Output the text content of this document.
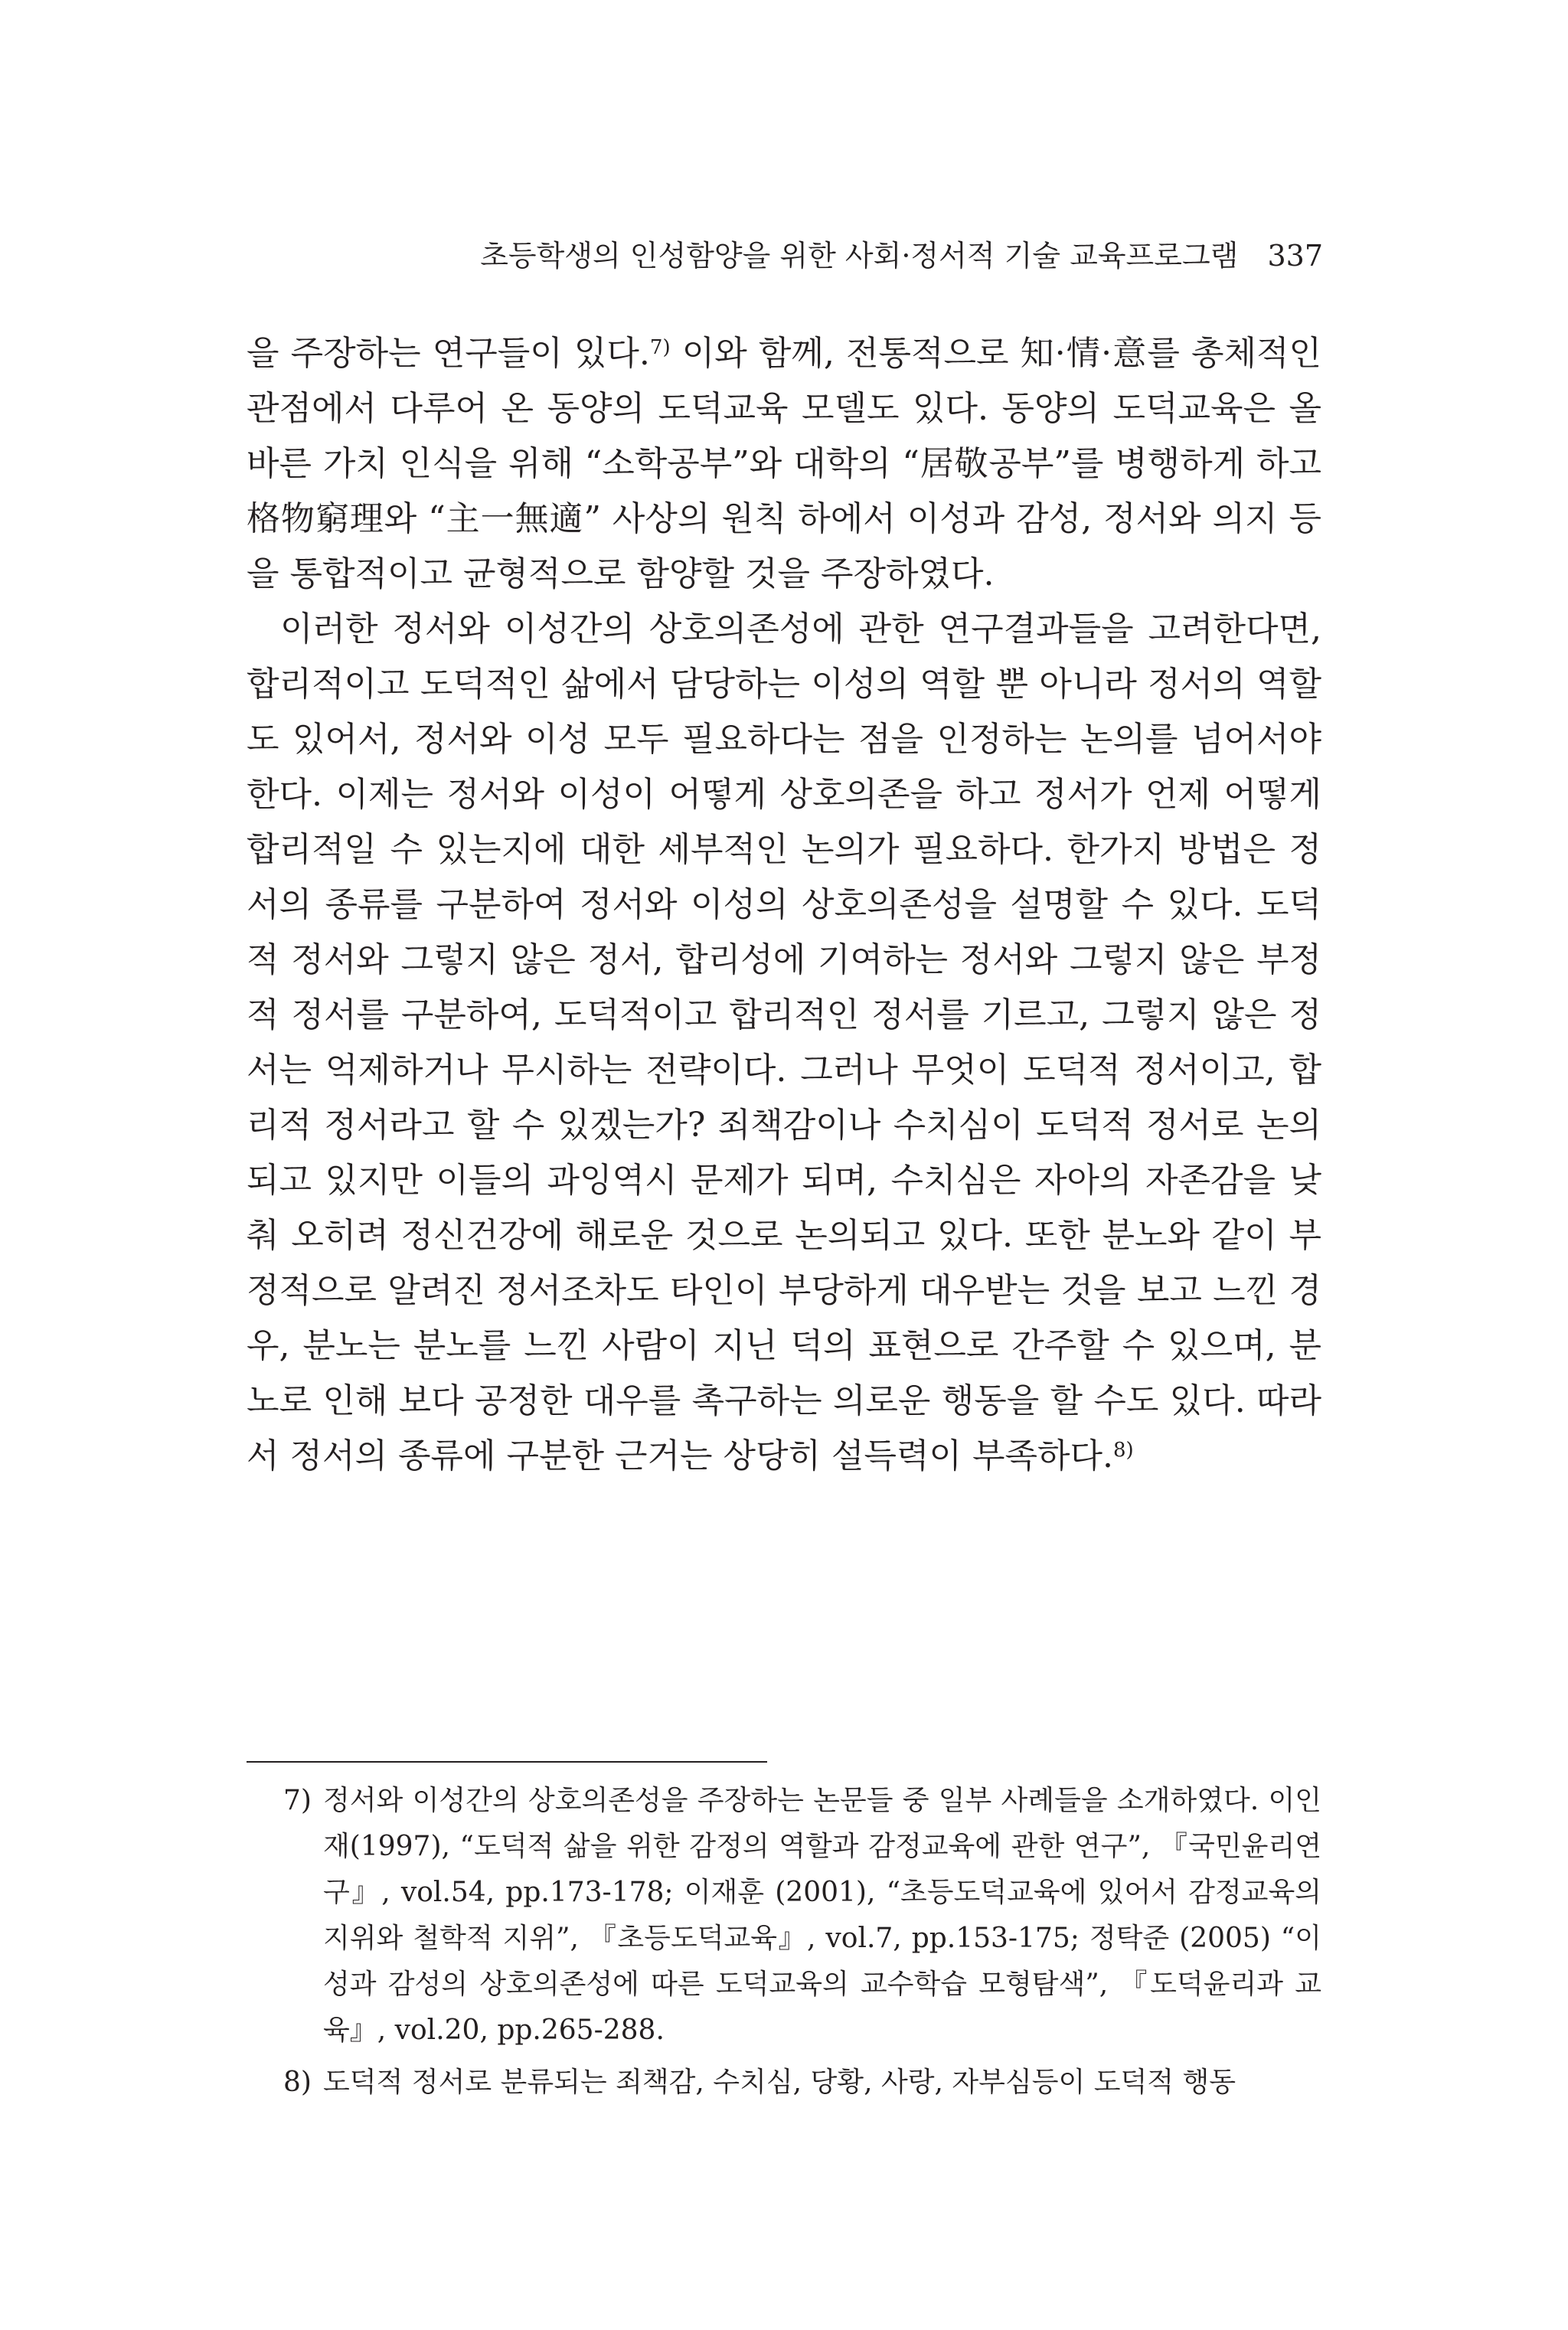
초등학생의 인성함양을 위한 사회·정서적 기술 교육프로그램 337

을 주장하는 연구들이 있다.$^{7)}$ 이와 함께, 전통적으로 知·情·意를 총체적인 관점에서 다루어 온 동양의 도덕교육 모델도 있다. 동양의 도덕교육은 올바른 가치 인식을 위해 “소학공부”와 대학의 “居敬공부”를 병행하게 하고 格物窮理와 “主一無適” 사상의 원칙 하에서 이성과 감성, 정서와 의지 등을 통합적이고 균형적으로 함양할 것을 주장하였다.

이러한 정서와 이성간의 상호의존성에 관한 연구결과들을 고려한다면, 합리적이고 도덕적인 삶에서 담당하는 이성의 역할 뿐 아니라 정서의 역할도 있어서, 정서와 이성 모두 필요하다는 점을 인정하는 논의를 넘어서야 한다. 이제는 정서와 이성이 어떻게 상호의존을 하고 정서가 언제 어떻게 합리적일 수 있는지에 대한 세부적인 논의가 필요하다. 한가지 방법은 정서의 종류를 구분하여 정서와 이성의 상호의존성을 설명할 수 있다. 도덕적 정서와 그렇지 않은 정서, 합리성에 기여하는 정서와 그렇지 않은 부정적 정서를 구분하여, 도덕적이고 합리적인 정서를 기르고, 그렇지 않은 정서는 억제하거나 무시하는 전략이다. 그러나 무엇이 도덕적 정서이고, 합리적 정서라고 할 수 있겠는가? 죄책감이나 수치심이 도덕적 정서로 논의되고 있지만 이들의 과잉역시 문제가 되며, 수치심은 자아의 자존감을 낮춰 오히려 정신건강에 해로운 것으로 논의되고 있다. 또한 분노와 같이 부정적으로 알려진 정서조차도 타인이 부당하게 대우받는 것을 보고 느낀 경우, 분노는 분노를 느낀 사람이 지닌 덕의 표현으로 간주할 수 있으며, 분노로 인해 보다 공정한 대우를 촉구하는 의로운 행동을 할 수도 있다. 따라서 정서의 종류에 구분한 근거는 상당히 설득력이 부족하다.$^{8)}$

7) 정서와 이성간의 상호의존성을 주장하는 논문들 중 일부 사례들을 소개하였다. 이인재(1997), “도덕적 삶을 위한 감정의 역할과 감정교육에 관한 연구”, 『국민윤리연구』, vol.54, pp.173-178; 이재훈 (2001), “초등도덕교육에 있어서 감정교육의 지위와 철학적 지위”, 『초등도덕교육』, vol.7, pp.153-175; 정탁준 (2005) “이성과 감성의 상호의존성에 따른 도덕교육의 교수학습 모형탐색”, 『도덕윤리과 교육』, vol.20, pp.265-288.
8) 도덕적 정서로 분류되는 죄책감, 수치심, 당황, 사랑, 자부심등이 도덕적 행동
